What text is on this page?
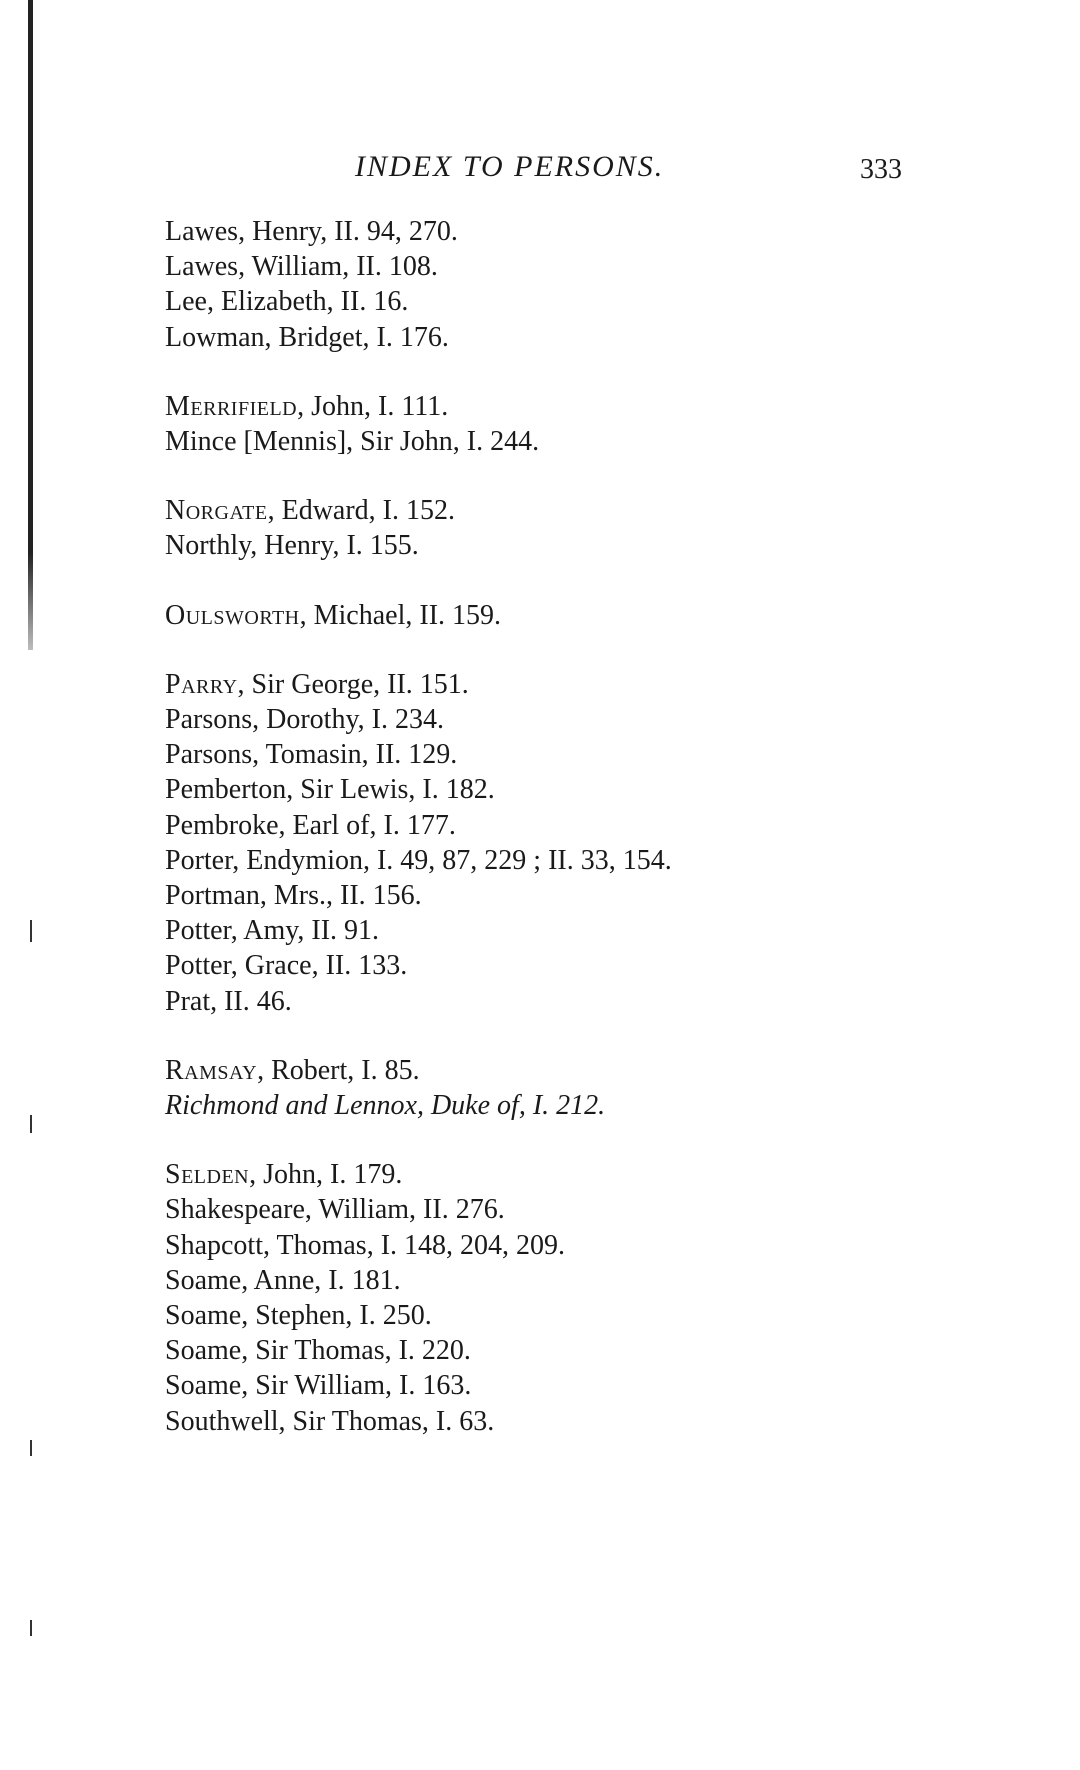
INDEX TO PERSONS.	333
Lawes, Henry, II. 94, 270.
Lawes, William, II. 108.
Lee, Elizabeth, II. 16.
Lowman, Bridget, I. 176.
Merrifield, John, I. 111.
Mince [Mennis], Sir John, I. 244.
Norgate, Edward, I. 152.
Northly, Henry, I. 155.
Oulsworth, Michael, II. 159.
Parry, Sir George, II. 151.
Parsons, Dorothy, I. 234.
Parsons, Tomasin, II. 129.
Pemberton, Sir Lewis, I. 182.
Pembroke, Earl of, I. 177.
Porter, Endymion, I. 49, 87, 229 ; II. 33, 154.
Portman, Mrs., II. 156.
Potter, Amy, II. 91.
Potter, Grace, II. 133.
Prat, II. 46.
Ramsay, Robert, I. 85.
Richmond and Lennox, Duke of, I. 212.
Selden, John, I. 179.
Shakespeare, William, II. 276.
Shapcott, Thomas, I. 148, 204, 209.
Soame, Anne, I. 181.
Soame, Stephen, I. 250.
Soame, Sir Thomas, I. 220.
Soame, Sir William, I. 163.
Southwell, Sir Thomas, I. 63.
